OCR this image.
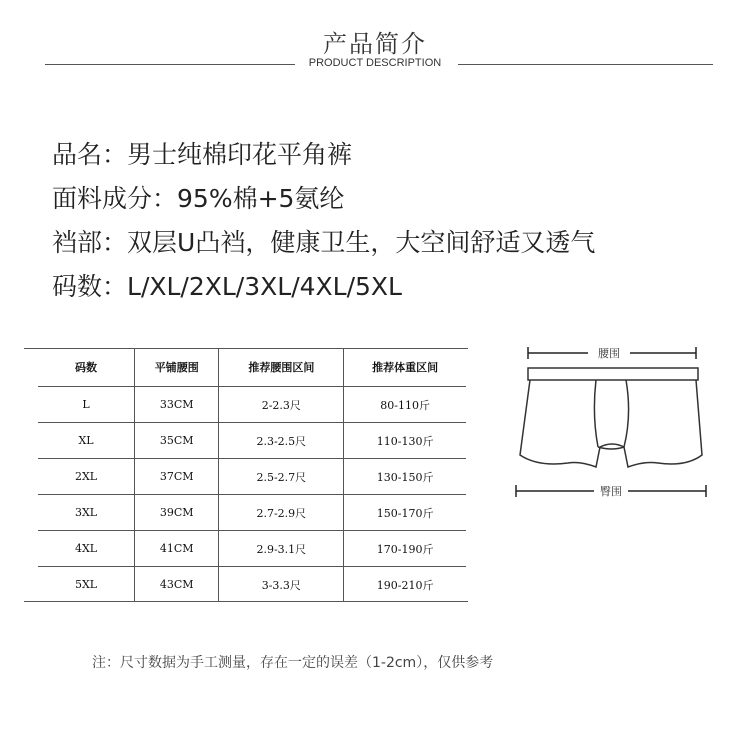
产品简介
PRODUCT DESCRIPTION
品名：男士纯棉印花平角裤
面料成分：95%棉+5氨纶
裆部：双层U凸裆，健康卫生，大空间舒适又透气
码数：L/XL/2XL/3XL/4XL/5XL
码数	平铺腰围	推荐腰围区间	推荐体重区间
L	33CM	2-2.3尺	80-110斤
XL	35CM	2.3-2.5尺	110-130斤
2XL	37CM	2.5-2.7尺	130-150斤
3XL	39CM	2.7-2.9尺	150-170斤
4XL	41CM	2.9-3.1尺	170-190斤
5XL	43CM	3-3.3尺	190-210斤
腰围
臀围
注：尺寸数据为手工测量，存在一定的误差（1-2cm），仅供参考
